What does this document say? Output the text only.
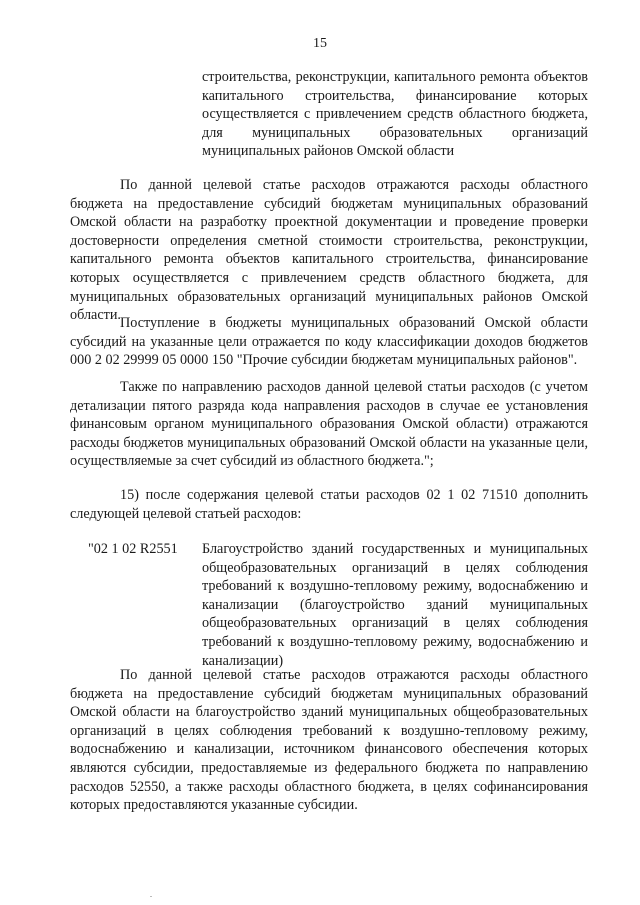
15

строительства, реконструкции, капитального ремонта объектов капитального строительства, финансирование которых осуществляется с привлечением средств областного бюджета, для муниципальных образовательных организаций муниципальных районов Омской области

По данной целевой статье расходов отражаются расходы областного бюджета на предоставление субсидий бюджетам муниципальных образований Омской области на разработку проектной документации и проведение проверки достоверности определения сметной стоимости строительства, реконструкции, капитального ремонта объектов капитального строительства, финансирование которых осуществляется с привлечением средств областного бюджета, для муниципальных образовательных организаций муниципальных районов Омской области. Поступление в бюджеты муниципальных образований Омской области субсидий на указанные цели отражается по коду классификации доходов бюджетов 000 2 02 29999 05 0000 150 "Прочие субсидии бюджетам муниципальных районов".

Также по направлению расходов данной целевой статьи расходов (с учетом детализации пятого разряда кода направления расходов в случае ее установления финансовым органом муниципального образования Омской области) отражаются расходы бюджетов муниципальных образований Омской области на указанные цели, осуществляемые за счет субсидий из областного бюджета.";

15) после содержания целевой статьи расходов 02 1 02 71510 дополнить следующей целевой статьей расходов:

"02 1 02 R2551	Благоустройство зданий государственных и муниципальных общеобразовательных организаций в целях соблюдения требований к воздушно-тепловому режиму, водоснабжению и канализации (благоустройство зданий муниципальных общеобразовательных организаций в целях соблюдения требований к воздушно-тепловому режиму, водоснабжению и канализации)

По данной целевой статье расходов отражаются расходы областного бюджета на предоставление субсидий бюджетам муниципальных образований Омской области на благоустройство зданий муниципальных общеобразовательных организаций в целях соблюдения требований к воздушно-тепловому режиму, водоснабжению и канализации, источником финансового обеспечения которых являются субсидии, предоставляемые из федерального бюджета по направлению расходов 52550, а также расходы областного бюджета, в целях софинансирования которых предоставляются указанные субсидии.
